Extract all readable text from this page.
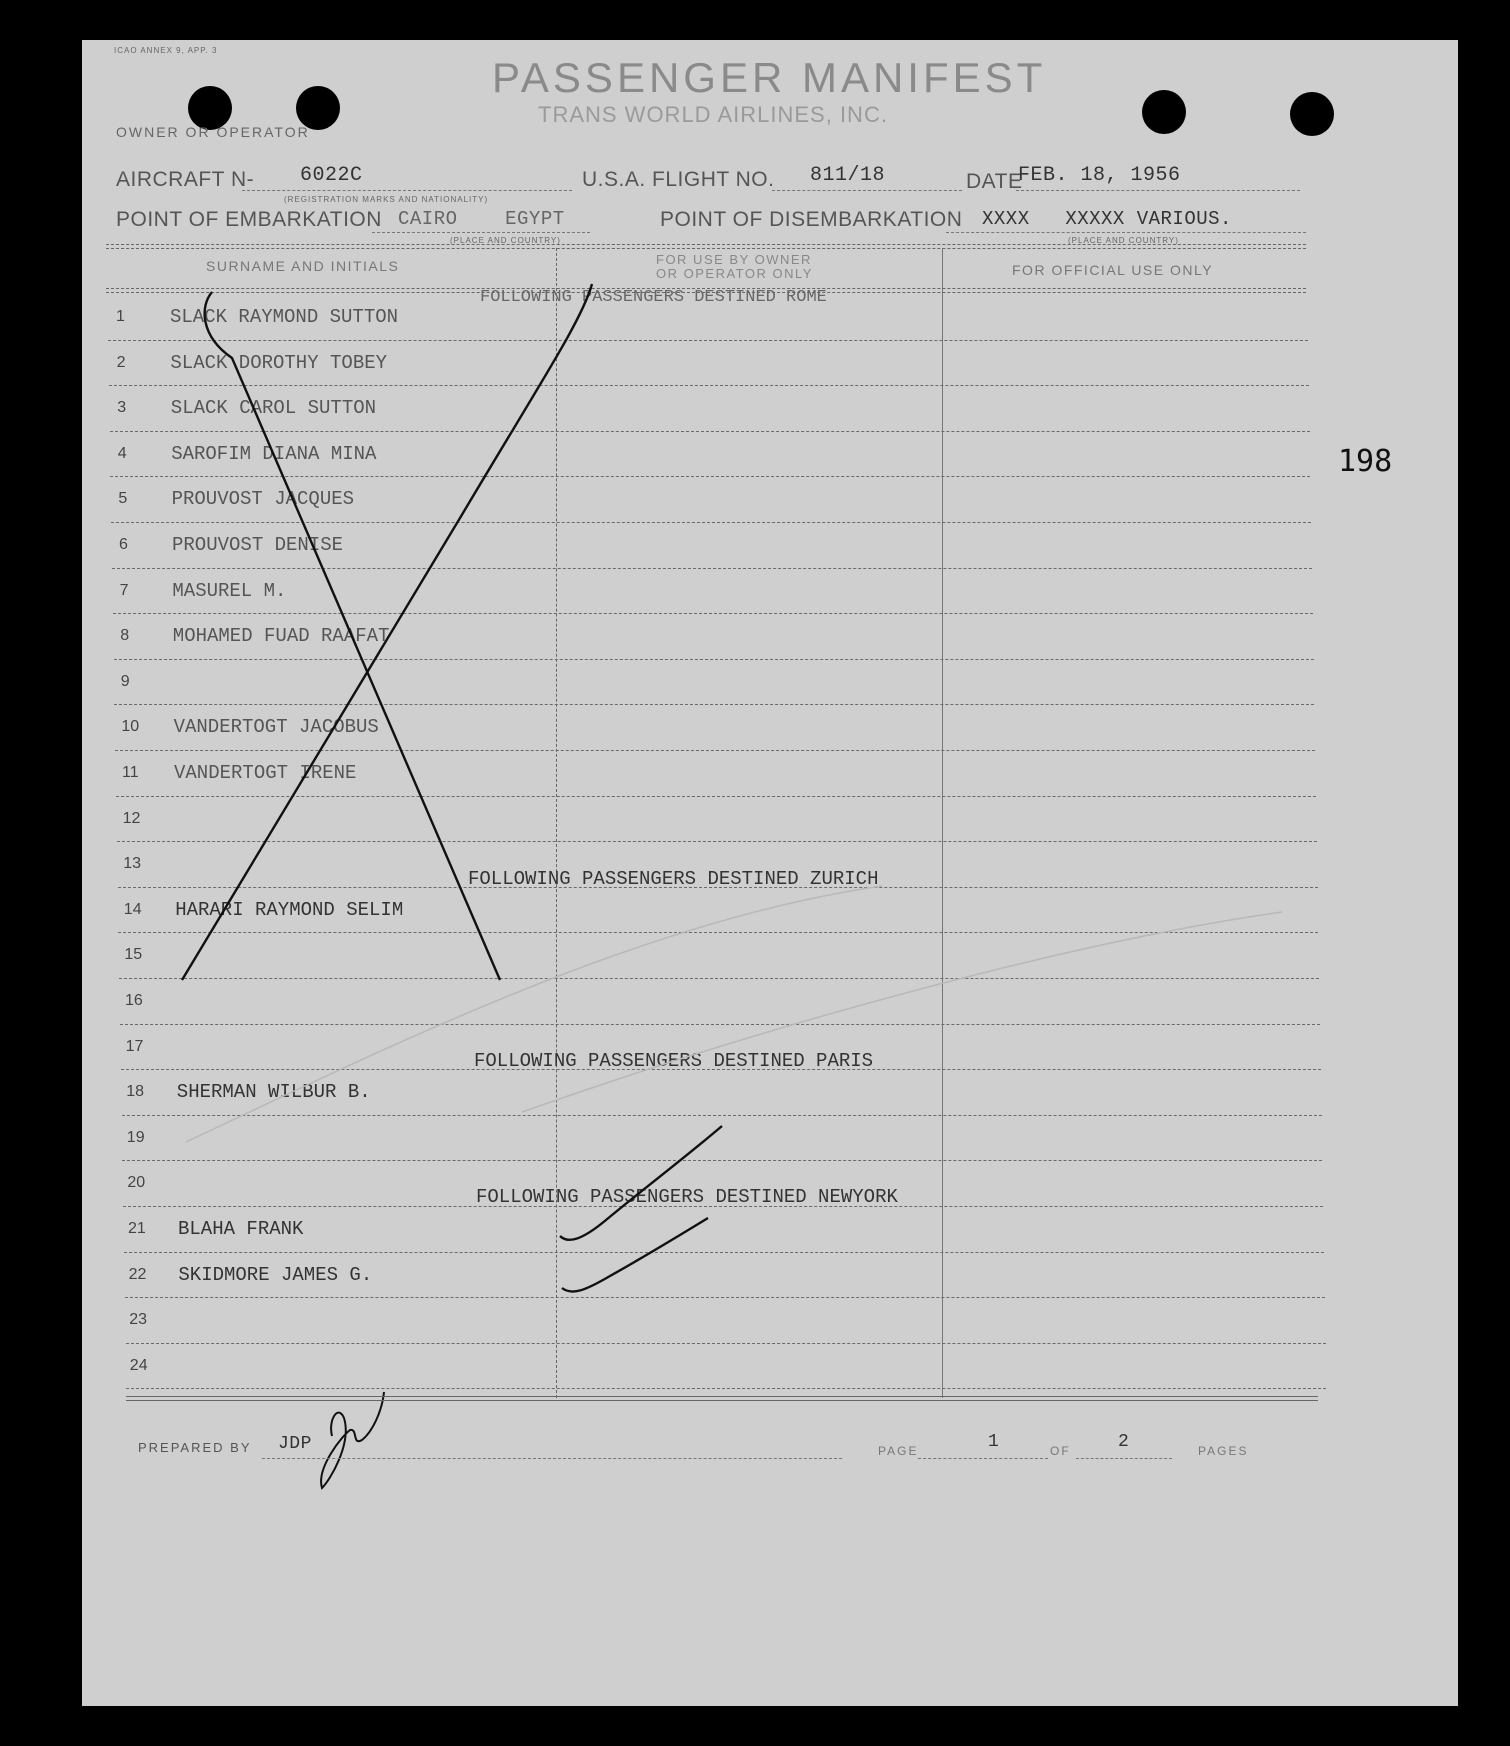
ICAO ANNEX 9, APP. 3
PASSENGER MANIFEST
TRANS WORLD AIRLINES, INC.
OWNER OR OPERATOR
AIRCRAFT N- 6022C
(REGISTRATION MARKS AND NATIONALITY)
U.S.A. FLIGHT NO. 811/18	DATE
FEB. 18, 1956
POINT OF EMBARKATION CAIRO    EGYPT
(PLACE AND COUNTRY)
POINT OF DISEMBARKATION XXXX   XXXXX VARIOUS.
(PLACE AND COUNTRY)
SURNAME AND INITIALS	FOR USE BY OWNER
OR OPERATOR ONLY	FOR OFFICIAL USE ONLY
1	SLACK RAYMOND SUTTON
2	SLACK DOROTHY TOBEY
3	SLACK CAROL SUTTON
4	SAROFIM DIANA MINA
5	PROUVOST JACQUES
6	PROUVOST DENISE
7	MASUREL M.
8	MOHAMED FUAD RAAFAT
9
10	VANDERTOGT JACOBUS
11	VANDERTOGT IRENE
12
13
14	HARARI RAYMOND SELIM
15
16
17
18	SHERMAN WILBUR B.
19
20
21	BLAHA FRANK
22	SKIDMORE JAMES G.
23
24
FOLLOWING PASSENGERS DESTINED ROME
FOLLOWING PASSENGERS DESTINED ZURICH
FOLLOWING PASSENGERS DESTINED PARIS
FOLLOWING PASSENGERS DESTINED NEWYORK
198
PREPARED BY JDP	PAGE	1	OF	2	PAGES
